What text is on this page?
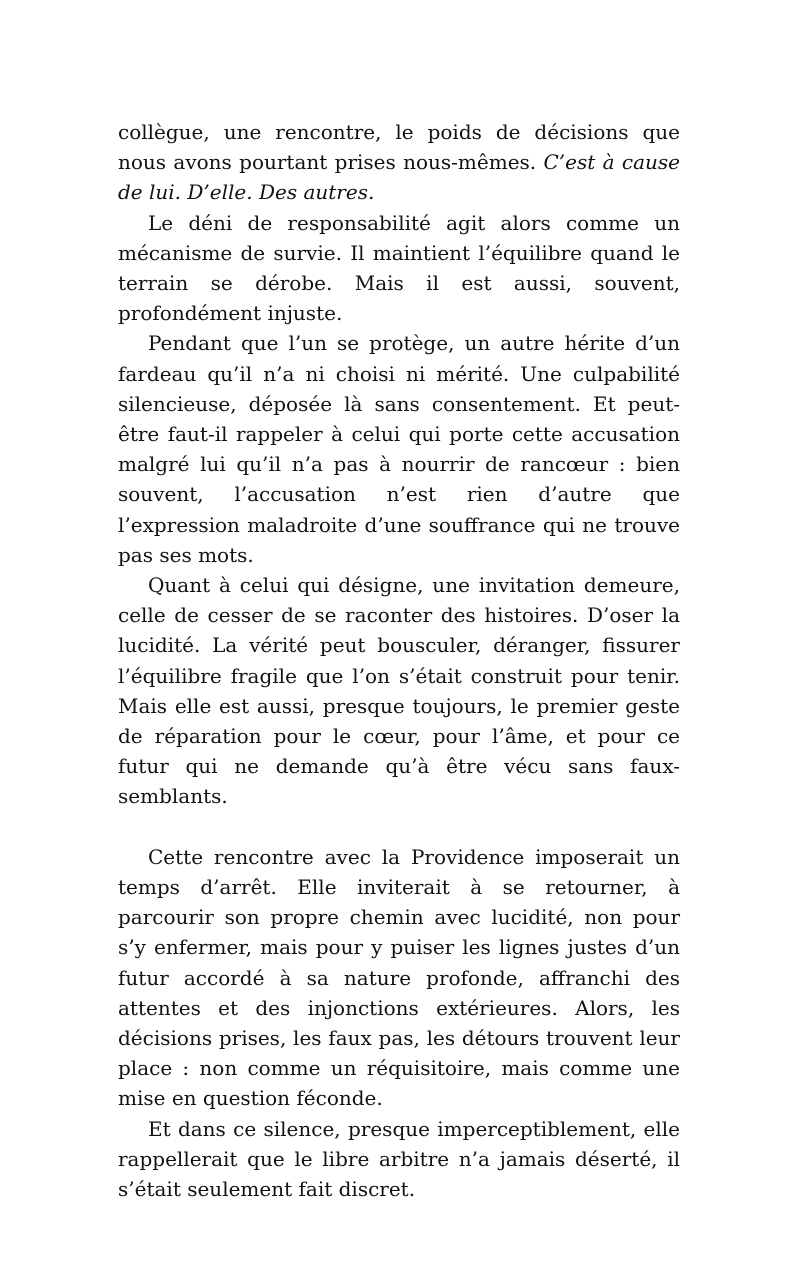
collègue, une rencontre, le poids de décisions que nous avons pourtant prises nous-mêmes. C’est à cause de lui. D’elle. Des autres.

Le déni de responsabilité agit alors comme un mécanisme de survie. Il maintient l’équilibre quand le terrain se dérobe. Mais il est aussi, souvent, profondément injuste.

Pendant que l’un se protège, un autre hérite d’un fardeau qu’il n’a ni choisi ni mérité. Une culpabilité silencieuse, déposée là sans consentement. Et peut-être faut-il rappeler à celui qui porte cette accusation malgré lui qu’il n’a pas à nourrir de rancœur : bien souvent, l’accusation n’est rien d’autre que l’expression maladroite d’une souffrance qui ne trouve pas ses mots.

Quant à celui qui désigne, une invitation demeure, celle de cesser de se raconter des histoires. D’oser la lucidité. La vérité peut bousculer, déranger, fissurer l’équilibre fragile que l’on s’était construit pour tenir. Mais elle est aussi, presque toujours, le premier geste de réparation pour le cœur, pour l’âme, et pour ce futur qui ne demande qu’à être vécu sans faux-semblants.

Cette rencontre avec la Providence imposerait un temps d’arrêt. Elle inviterait à se retourner, à parcourir son propre chemin avec lucidité, non pour s’y enfermer, mais pour y puiser les lignes justes d’un futur accordé à sa nature profonde, affranchi des attentes et des injonctions extérieures. Alors, les décisions prises, les faux pas, les détours trouvent leur place : non comme un réquisitoire, mais comme une mise en question féconde.

Et dans ce silence, presque imperceptiblement, elle rappellerait que le libre arbitre n’a jamais déserté, il s’était seulement fait discret.
